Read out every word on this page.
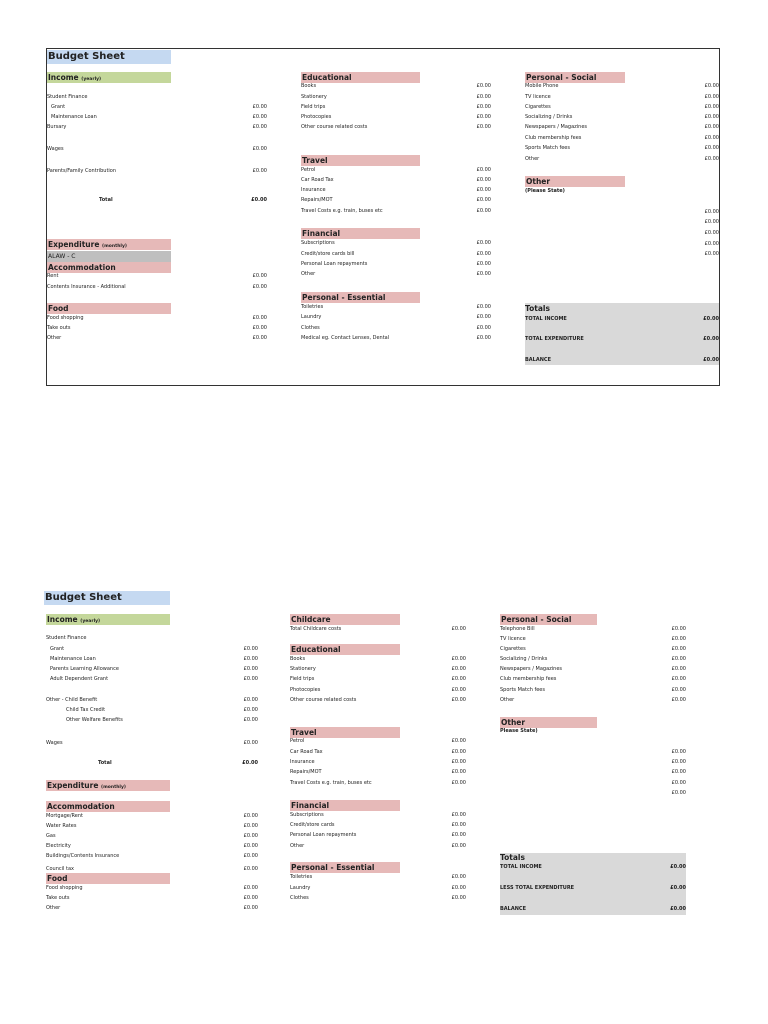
Budget Sheet
Income (yearly)
Student Finance
Grant	£0.00
Maintenance Loan	£0.00
Bursary	£0.00
Wages	£0.00
Parents/Family Contribution	£0.00
Total	£0.00
Expenditure (monthly)
ALAW - C
Accommodation
Rent	£0.00
Contents Insurance - Additional	£0.00
Food
Food shopping	£0.00
Take outs	£0.00
Other	£0.00
Educational
Books	£0.00
Stationery	£0.00
Field trips	£0.00
Photocopies	£0.00
Other course related costs	£0.00
Travel
Petrol	£0.00
Car Road Tax	£0.00
Insurance	£0.00
Repairs/MOT	£0.00
Travel Costs e.g. train, buses etc	£0.00
Financial
Subscriptions	£0.00
Credit/store cards bill	£0.00
Personal Loan repayments	£0.00
Other	£0.00
Personal - Essential
Toiletries	£0.00
Laundry	£0.00
Clothes	£0.00
Medical eg. Contact Lenses, Dental	£0.00
Personal - Social
Mobile Phone	£0.00
TV licence	£0.00
Cigarettes	£0.00
Socializing / Drinks	£0.00
Newspapers / Magazines	£0.00
Club membership fees	£0.00
Sports Match fees	£0.00
Other	£0.00
Other
(Please State)
£0.00
£0.00
£0.00
£0.00
£0.00
Totals
TOTAL INCOME	£0.00
TOTAL EXPENDITURE	£0.00
BALANCE	£0.00
Budget Sheet
Income (yearly)
Student Finance
Grant	£0.00
Maintenance Loan	£0.00
Parents Learning Allowance	£0.00
Adult Dependent Grant	£0.00
Other - Child Benefit	£0.00
Child Tax Credit	£0.00
Other Welfare Benefits	£0.00
Wages	£0.00
Total	£0.00
Expenditure (monthly)
Accommodation
Mortgage/Rent	£0.00
Water Rates	£0.00
Gas	£0.00
Electricity	£0.00
Buildings/Contents Insurance	£0.00
Council tax	£0.00
Food
Food shopping	£0.00
Take outs	£0.00
Other	£0.00
Childcare
Total Childcare costs	£0.00
Educational
Books	£0.00
Stationery	£0.00
Field trips	£0.00
Photocopies	£0.00
Other course related costs	£0.00
Travel
Petrol	£0.00
Car Road Tax	£0.00
Insurance	£0.00
Repairs/MOT	£0.00
Travel Costs e.g. train, buses etc	£0.00
Financial
Subscriptions	£0.00
Credit/store cards	£0.00
Personal Loan repayments	£0.00
Other	£0.00
Personal - Essential
Toiletries	£0.00
Laundry	£0.00
Clothes	£0.00
Personal - Social
Telephone Bill	£0.00
TV licence	£0.00
Cigarettes	£0.00
Socializing / Drinks	£0.00
Newspapers / Magazines	£0.00
Club membership fees	£0.00
Sports Match fees	£0.00
Other	£0.00
Other
Please State)
£0.00
£0.00
£0.00
£0.00
£0.00
Totals
TOTAL INCOME	£0.00
LESS TOTAL EXPENDITURE	£0.00
BALANCE	£0.00
